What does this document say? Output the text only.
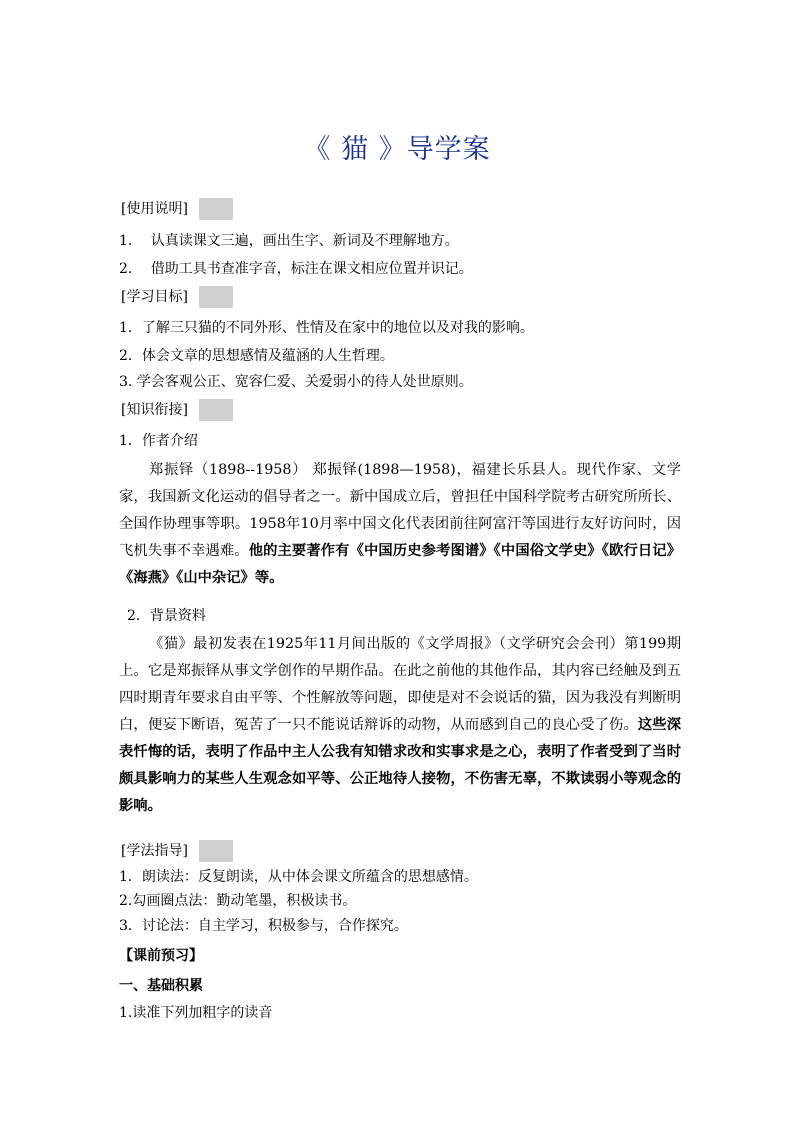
《 猫 》导学案
[使用说明]
1.　 认真读课文三遍，画出生字、新词及不理解地方。
2.　 借助工具书查准字音，标注在课文相应位置并识记。
[学习目标]
1．了解三只猫的不同外形、性情及在家中的地位以及对我的影响。
2．体会文章的思想感情及蕴涵的人生哲理。
3. 学会客观公正、宽容仁爱、关爱弱小的待人处世原则。
[知识衔接]
1．作者介绍
郑振铎（1898--1958） 郑振铎(1898—1958)，福建长乐县人。现代作家、文学家，我国新文化运动的倡导者之一。新中国成立后，曾担任中国科学院考古研究所所长、全国作协理事等职。1958年10月率中国文化代表团前往阿富汗等国进行友好访问时，因飞机失事不幸遇难。他的主要著作有《中国历史参考图谱》《中国俗文学史》《欧行日记》《海燕》《山中杂记》等。
2．背景资料
《猫》最初发表在1925年11月间出版的《文学周报》（文学研究会会刊）第199期上。它是郑振铎从事文学创作的早期作品。在此之前他的其他作品，其内容已经触及到五四时期青年要求自由平等、个性解放等问题，即使是对不会说话的猫，因为我没有判断明白，便妄下断语，冤苦了一只不能说话辩诉的动物，从而感到自己的良心受了伤。这些深表忏悔的话，表明了作品中主人公我有知错求改和实事求是之心，表明了作者受到了当时颇具影响力的某些人生观念如平等、公正地待人接物，不伤害无辜，不欺读弱小等观念的影响。
[学法指导]
1．朗读法：反复朗读，从中体会课文所蕴含的思想感情。
2.勾画圈点法：勤动笔墨，积极读书。
3．讨论法：自主学习，积极参与，合作探究。
【课前预习】
一、基础积累
1.读准下列加粗字的读音
